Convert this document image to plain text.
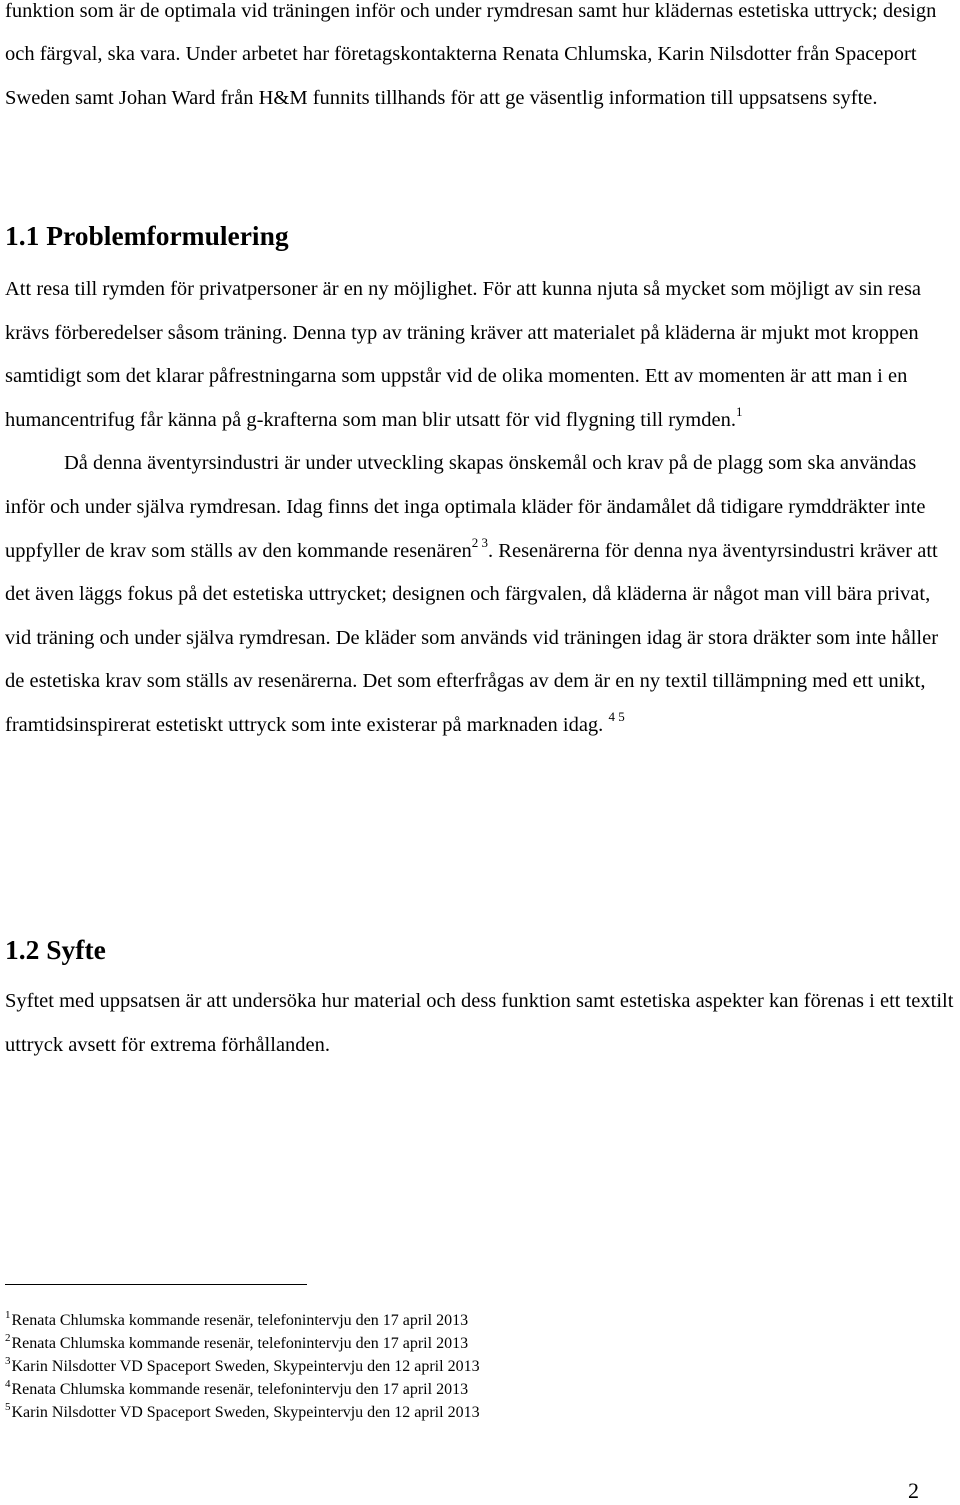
funktion som är de optimala vid träningen inför och under rymdresan samt hur klädernas estetiska uttryck; design och färgval, ska vara. Under arbetet har företagskontakterna Renata Chlumska, Karin Nilsdotter från Spaceport Sweden samt Johan Ward från H&M funnits tillhands för att ge väsentlig information till uppsatsens syfte.

1.1 Problemformulering

Att resa till rymden för privatpersoner är en ny möjlighet. För att kunna njuta så mycket som möjligt av sin resa krävs förberedelser såsom träning. Denna typ av träning kräver att materialet på kläderna är mjukt mot kroppen samtidigt som det klarar påfrestningarna som uppstår vid de olika momenten. Ett av momenten är att man i en humancentrifug får känna på g-krafterna som man blir utsatt för vid flygning till rymden.$^1$

Då denna äventyrsindustri är under utveckling skapas önskemål och krav på de plagg som ska användas inför och under själva rymdresan. Idag finns det inga optimala kläder för ändamålet då tidigare rymddräkter inte uppfyller de krav som ställs av den kommande resenären$^{2 3}$. Resenärerna för denna nya äventyrsindustri kräver att det även läggs fokus på det estetiska uttrycket; designen och färgvalen, då kläderna är något man vill bära privat, vid träning och under själva rymdresan. De kläder som används vid träningen idag är stora dräkter som inte håller de estetiska krav som ställs av resenärerna. Det som efterfrågas av dem är en ny textil tillämpning med ett unikt, framtidsinspirerat estetiskt uttryck som inte existerar på marknaden idag. $^{4 5}$

1.2 Syfte

Syftet med uppsatsen är att undersöka hur material och dess funktion samt estetiska aspekter kan förenas i ett textilt uttryck avsett för extrema förhållanden.

$^1$Renata Chlumska kommande resenär, telefonintervju den 17 april 2013
$^2$Renata Chlumska kommande resenär, telefonintervju den 17 april 2013
$^3$Karin Nilsdotter VD Spaceport Sweden, Skypeintervju den 12 april 2013
$^4$Renata Chlumska kommande resenär, telefonintervju den 17 april 2013
$^5$Karin Nilsdotter VD Spaceport Sweden, Skypeintervju den 12 april 2013
2
